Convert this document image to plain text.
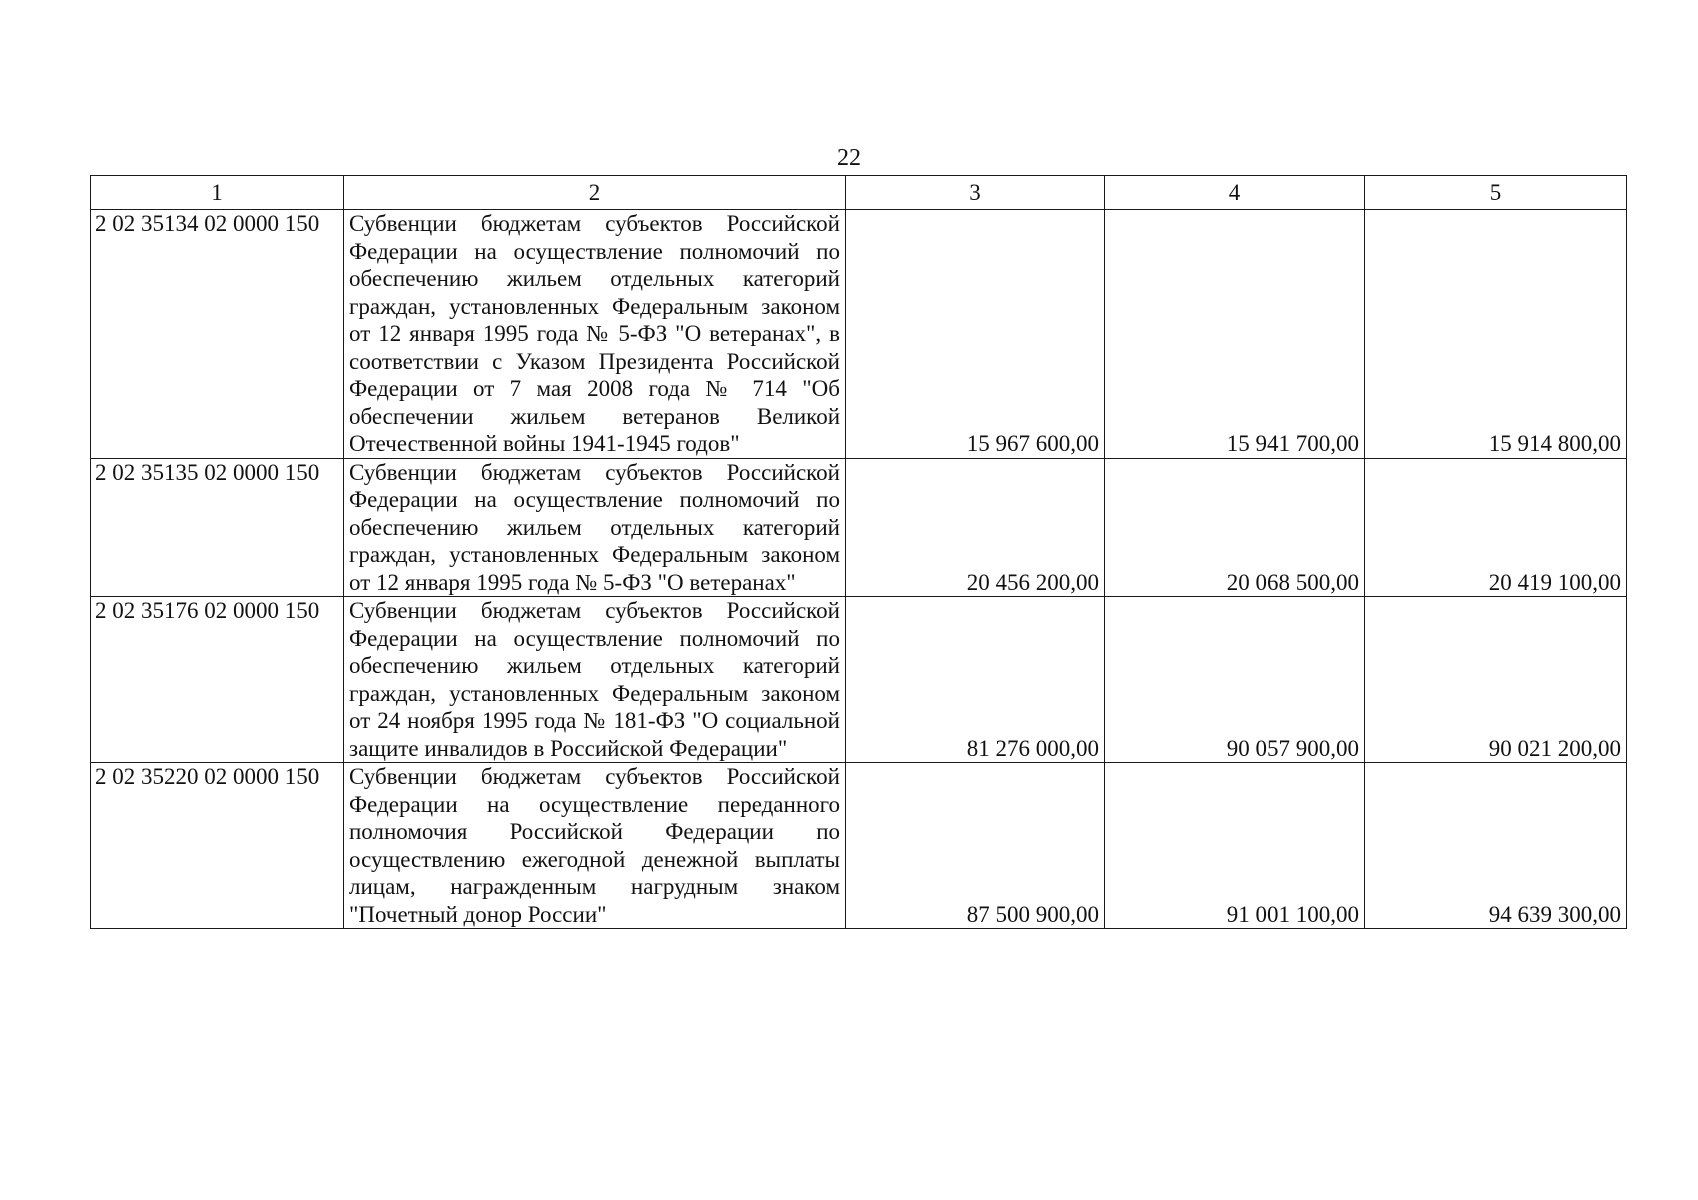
22
1	2	3	4	5
2 02 35134 02 0000 150	Субвенции бюджетам субъектов Российской Федерации на осуществление полномочий по обеспечению жильем отдельных категорий граждан, установленных Федеральным законом от 12 января 1995 года № 5-ФЗ "О ветеранах", в соответствии с Указом Президента Российской Федерации от 7 мая 2008 года № 714 "Об обеспечении жильем ветеранов Великой Отечественной войны 1941-1945 годов"	15 967 600,00	15 941 700,00	15 914 800,00
2 02 35135 02 0000 150	Субвенции бюджетам субъектов Российской Федерации на осуществление полномочий по обеспечению жильем отдельных категорий граждан, установленных Федеральным законом от 12 января 1995 года № 5-ФЗ "О ветеранах"	20 456 200,00	20 068 500,00	20 419 100,00
2 02 35176 02 0000 150	Субвенции бюджетам субъектов Российской Федерации на осуществление полномочий по обеспечению жильем отдельных категорий граждан, установленных Федеральным законом от 24 ноября 1995 года № 181-ФЗ "О социальной защите инвалидов в Российской Федерации"	81 276 000,00	90 057 900,00	90 021 200,00
2 02 35220 02 0000 150	Субвенции бюджетам субъектов Российской Федерации на осуществление переданного полномочия Российской Федерации по осуществлению ежегодной денежной выплаты лицам, награжденным нагрудным знаком "Почетный донор России"	87 500 900,00	91 001 100,00	94 639 300,00
